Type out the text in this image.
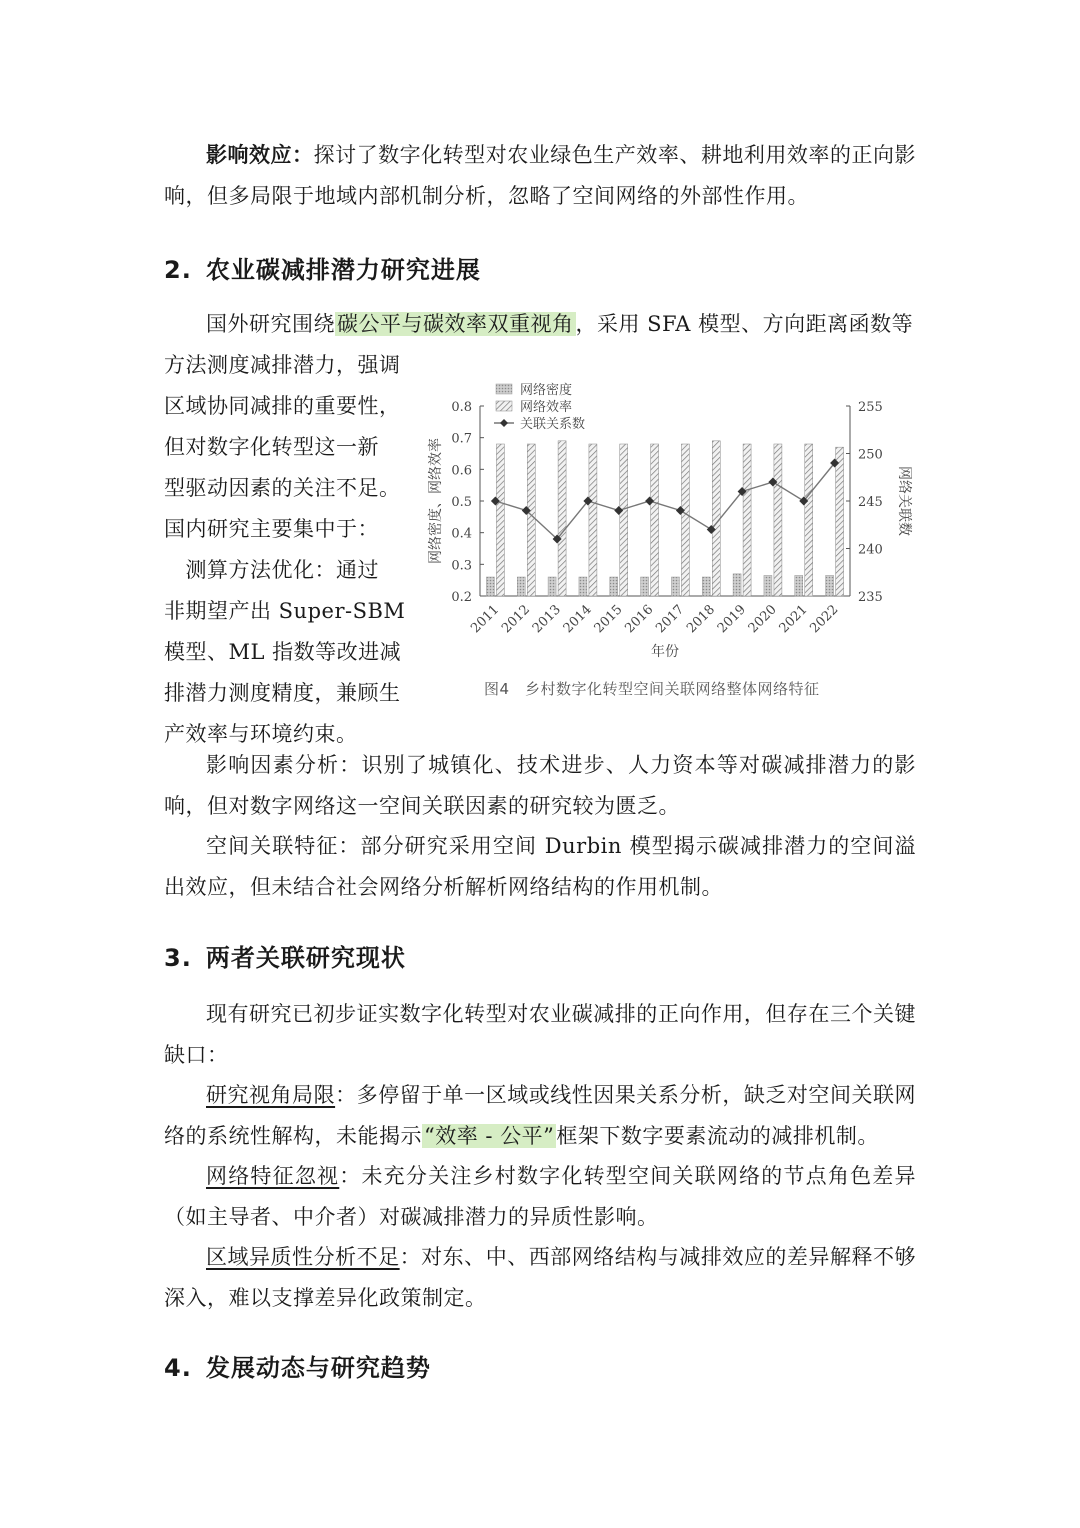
影响效应：探讨了数字化转型对农业绿色生产效率、耕地利用效率的正向影响，但多局限于地域内部机制分析，忽略了空间网络的外部性作用。

2. 农业碳减排潜力研究进展

国外研究围绕碳公平与碳效率双重视角，采用 SFA 模型、方向距离函数等

方法测度减排潜力，强调
区域协同减排的重要性，
但对数字化转型这一新
型驱动因素的关注不足。
国内研究主要集中于：
　测算方法优化：通过
非期望产出 Super-SBM
模型、ML 指数等改进减
排潜力测度精度，兼顾生
产效率与环境约束。
0.2
0.3
0.4
0.5
0.6
0.7
0.8
235
240
245
250
255
2011
2012
2013
2014
2015
2016
2017
2018
2019
2020
2021
2022
年份
网络密度、网络效率	网络关联数
网络密度
网络效率
关联关系数
图4　乡村数字化转型空间关联网络整体网络特征

影响因素分析：识别了城镇化、技术进步、人力资本等对碳减排潜力的影响，但对数字网络这一空间关联因素的研究较为匮乏。

空间关联特征：部分研究采用空间 Durbin 模型揭示碳减排潜力的空间溢出效应，但未结合社会网络分析解析网络结构的作用机制。

3. 两者关联研究现状

现有研究已初步证实数字化转型对农业碳减排的正向作用，但存在三个关键缺口：

研究视角局限：多停留于单一区域或线性因果关系分析，缺乏对空间关联网络的系统性解构，未能揭示“效率 - 公平”框架下数字要素流动的减排机制。

网络特征忽视：未充分关注乡村数字化转型空间关联网络的节点角色差异（如主导者、中介者）对碳减排潜力的异质性影响。

区域异质性分析不足：对东、中、西部网络结构与减排效应的差异解释不够深入，难以支撑差异化政策制定。

4. 发展动态与研究趋势
